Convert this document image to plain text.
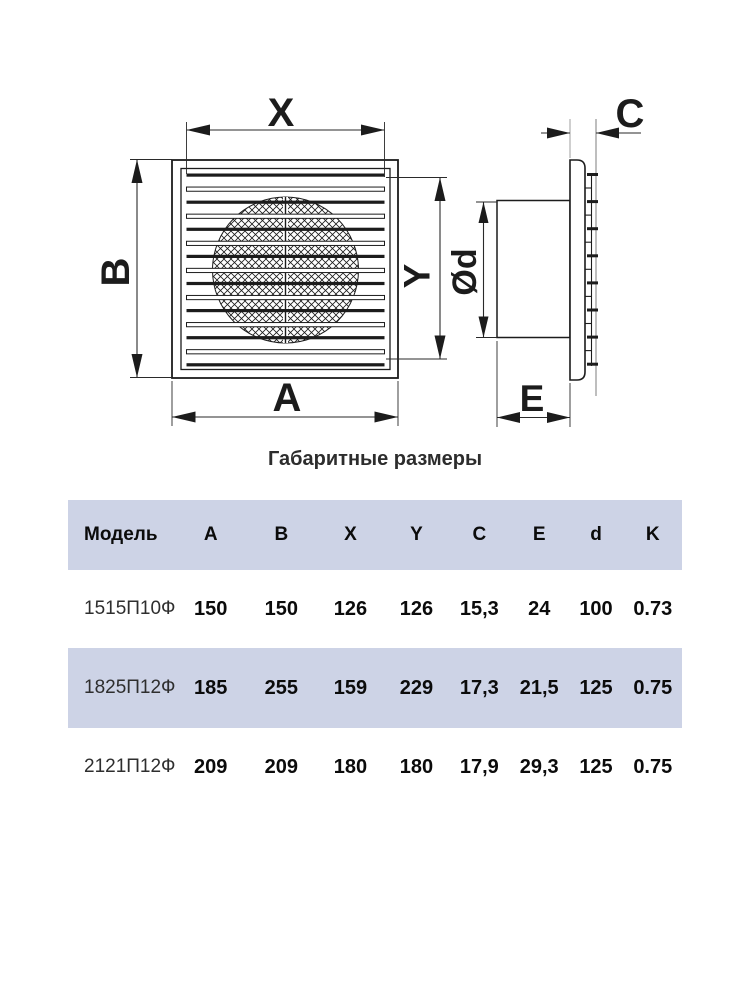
X
B
A
Y Ød
C
E
Габаритные размеры
Модель	A	B	X	Y	C	E	d	K
1515П10Ф 150	150	126	126	15,3	24	100	0.73
1825П12Ф 185	255	159	229	17,3	21,5	125	0.75
2121П12Ф 209	209	180	180	17,9	29,3	125	0.75
